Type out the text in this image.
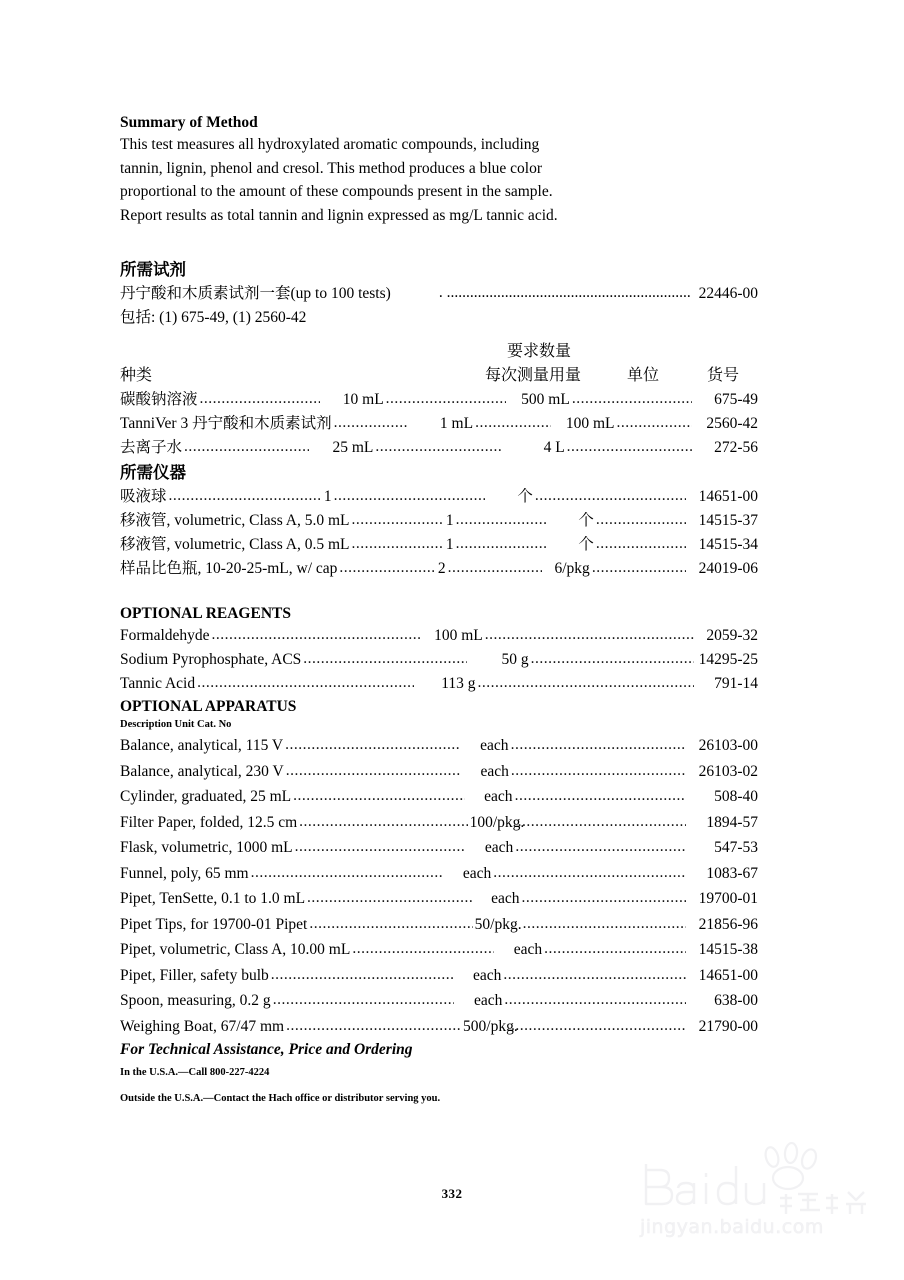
Summary of Method

This test measures all hydroxylated aromatic compounds, including

tannin, lignin, phenol and cresol. This method produces a blue color

proportional to the amount of these compounds present in the sample.

Report results as total tannin and lignin expressed as mg/L tannic acid.

所需试剂
丹宁酸和木质素试剂一套(up to 100 tests) . ...	22446-00

包括: (1) 675-49, (1) 2560-42

要求数量
种类	每次测量用量	单位	货号
碳酸钠溶液 .....	10 mL .....	500 mL .....	675-49
TanniVer 3 丹宁酸和木质素试剂 .....	1 mL .....	100 mL .....	2560-42
去离子水 .....	25 mL .....	4 L .....	272-56
所需仪器
吸液球 .....	1 .....	个 .....	14651-00
移液管, volumetric, Class A, 5.0 mL .....	1 .....	个 .....	14515-37
移液管, volumetric, Class A, 0.5 mL .....	1 .....	个 .....	14515-34
样品比色瓶, 10-20-25-mL, w/ cap .....	2 .....	6/pkg .....	24019-06
OPTIONAL REAGENTS
Formaldehyde .....	100 mL .....	2059-32
Sodium Pyrophosphate, ACS .....	50 g .....	14295-25
Tannic Acid .....	113 g .....	791-14
OPTIONAL APPARATUS

Description Unit Cat. No

Balance, analytical, 115 V .....	each .....	26103-00
Balance, analytical, 230 V .....	each .....	26103-02
Cylinder, graduated, 25 mL .....	each .....	508-40
Filter Paper, folded, 12.5 cm .....	100/pkg. .....	1894-57
Flask, volumetric, 1000 mL .....	each .....	547-53
Funnel, poly, 65 mm .....	each .....	1083-67
Pipet, TenSette, 0.1 to 1.0 mL .....	each .....	19700-01
Pipet Tips, for 19700-01 Pipet .....	50/pkg. .....	21856-96
Pipet, volumetric, Class A, 10.00 mL .....	each .....	14515-38
Pipet, Filler, safety bulb .....	each .....	14651-00
Spoon, measuring, 0.2 g .....	each .....	638-00
Weighing Boat, 67/47 mm .....	500/pkg. .....	21790-00
For Technical Assistance, Price and Ordering

In the U.S.A.—Call 800-227-4224

Outside the U.S.A.—Contact the Hach office or distributor serving you.

332
jingyan.baidu.com
